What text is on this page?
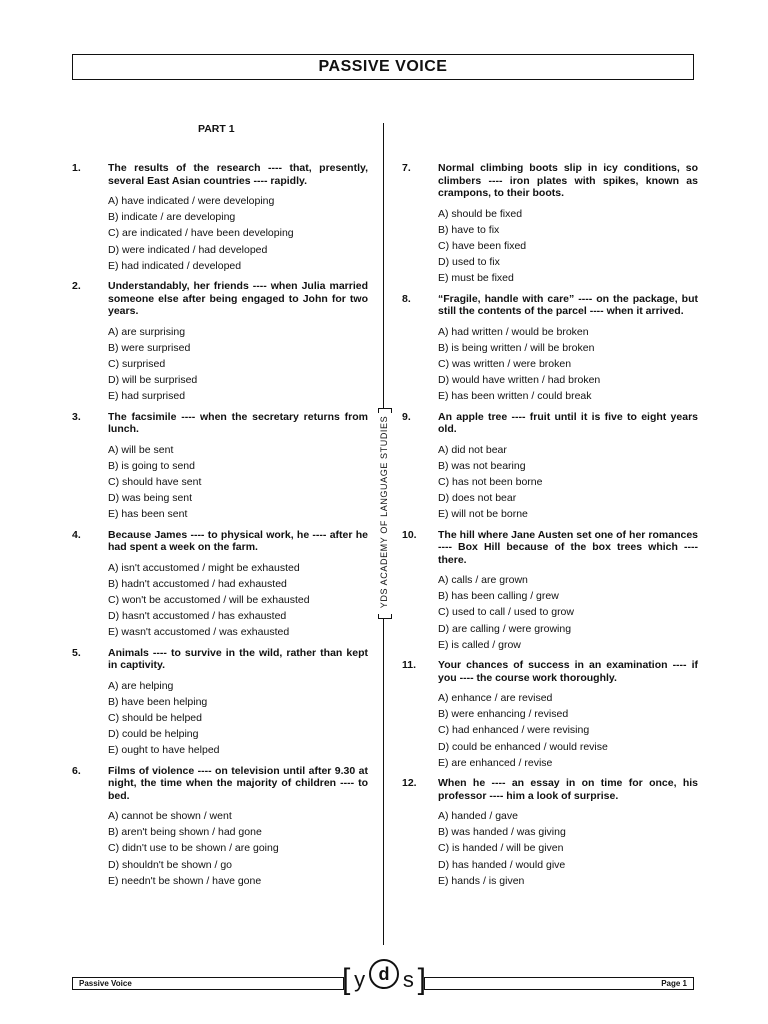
PASSIVE VOICE
PART 1
1.	The results of the research ---- that, presently, several East Asian countries ---- rapidly.
A) have indicated / were developing
B) indicate / are developing
C) are indicated / have been developing
D) were indicated / had developed
E) had indicated / developed
2.	Understandably, her friends ---- when Julia married someone else after being engaged to John for two years.
A) are surprising
B) were surprised
C) surprised
D) will be surprised
E) had surprised
3.	The facsimile ---- when the secretary returns from lunch.
A) will be sent
B) is going to send
C) should have sent
D) was being sent
E) has been sent
4.	Because James ---- to physical work, he ---- after he had spent a week on the farm.
A) isn't accustomed / might be exhausted
B) hadn't accustomed / had exhausted
C) won't be accustomed / will be exhausted
D) hasn't accustomed / has exhausted
E) wasn't accustomed / was exhausted
5.	Animals ---- to survive in the wild, rather than kept in captivity.
A) are helping
B) have been helping
C) should be helped
D) could be helping
E) ought to have helped
6.	Films of violence ---- on television until after 9.30 at night, the time when the majority of children ---- to bed.
A) cannot be shown / went
B) aren't being shown / had gone
C) didn't use to be shown / are going
D) shouldn't be shown / go
E) needn't be shown / have gone
7.	Normal climbing boots slip in icy conditions, so climbers ---- iron plates with spikes, known as crampons, to their boots.
A) should be fixed
B) have to fix
C) have been fixed
D) used to fix
E) must be fixed
8.	“Fragile, handle with care” ---- on the package, but still the contents of the parcel ---- when it arrived.
A) had written / would be broken
B) is being written / will be broken
C) was written / were broken
D) would have written / had broken
E) has been written / could break
9.	An apple tree ---- fruit until it is five to eight years old.
A) did not bear
B) was not bearing
C) has not been borne
D) does not bear
E) will not be borne
10.	The hill where Jane Austen set one of her romances ---- Box Hill because of the box trees which ---- there.
A) calls / are grown
B) has been calling / grew
C) used to call / used to grow
D) are calling / were growing
E) is called / grow
11.	Your chances of success in an examination ---- if you ---- the course work thoroughly.
A) enhance / are revised
B) were enhancing / revised
C) had enhanced / were revising
D) could be enhanced / would revise
E) are enhanced / revise
12.	When he ---- an essay in on time for once, his professor ---- him a look of surprise.
A) handed / gave
B) was handed / was giving
C) is handed / will be given
D) has handed / would give
E) hands / is given
YDS ACADEMY OF LANGUAGE STUDIES
Passive Voice	Page 1
[ y d s ]
